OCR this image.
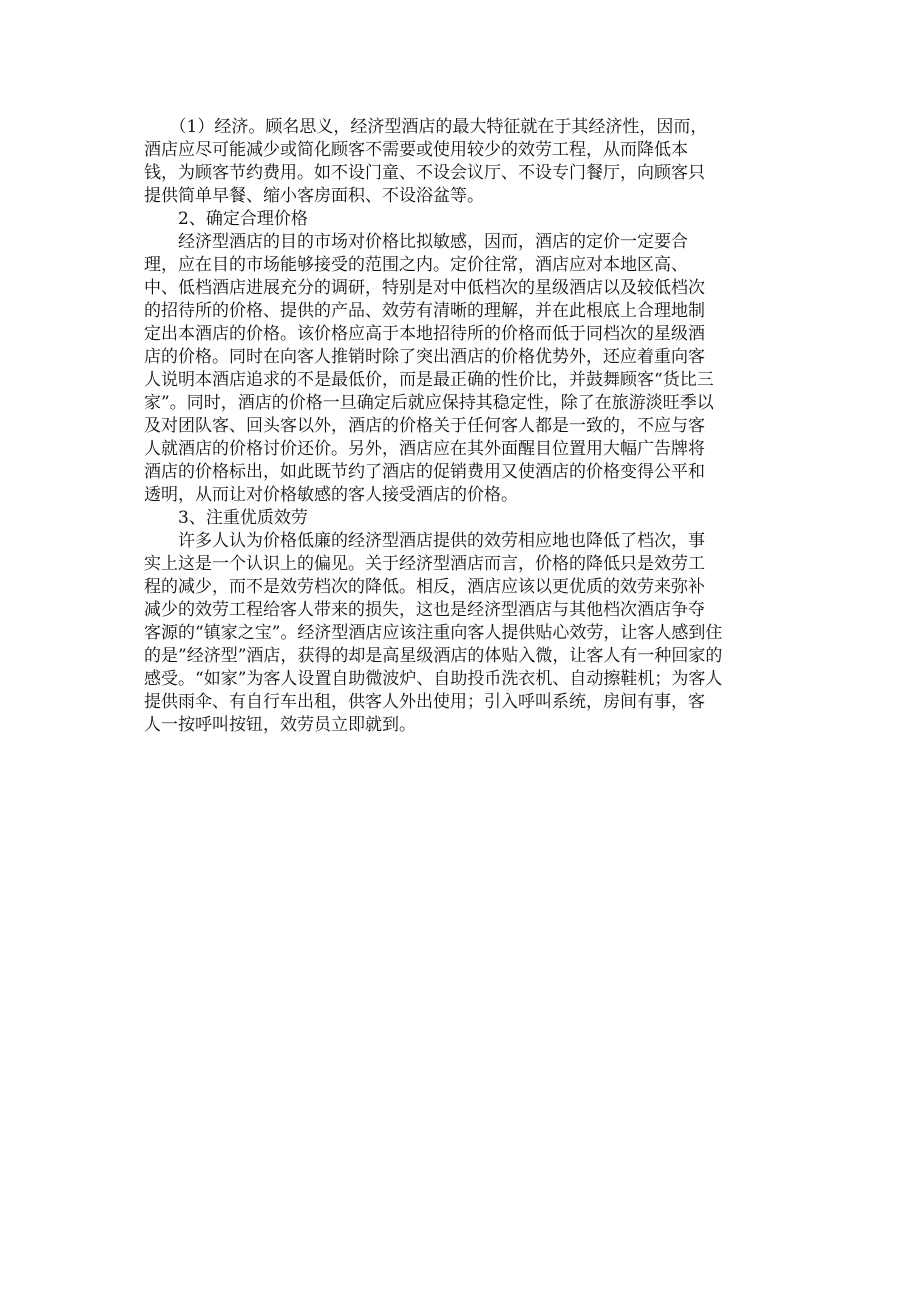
　　（1）经济。顾名思义，经济型酒店的最大特征就在于其经济性，因而，
酒店应尽可能减少或简化顾客不需要或使用较少的效劳工程，从而降低本
钱，为顾客节约费用。如不设门童、不设会议厅、不设专门餐厅，向顾客只
提供简单早餐、缩小客房面积、不设浴盆等。
　　2、确定合理价格
　　经济型酒店的目的市场对价格比拟敏感，因而，酒店的定价一定要合
理，应在目的市场能够接受的范围之内。定价往常，酒店应对本地区高、
中、低档酒店进展充分的调研，特别是对中低档次的星级酒店以及较低档次
的招待所的价格、提供的产品、效劳有清晰的理解，并在此根底上合理地制
定出本酒店的价格。该价格应高于本地招待所的价格而低于同档次的星级酒
店的价格。同时在向客人推销时除了突出酒店的价格优势外，还应着重向客
人说明本酒店追求的不是最低价，而是最正确的性价比，并鼓舞顾客“货比三
家”。同时，酒店的价格一旦确定后就应保持其稳定性，除了在旅游淡旺季以
及对团队客、回头客以外，酒店的价格关于任何客人都是一致的，不应与客
人就酒店的价格讨价还价。另外，酒店应在其外面醒目位置用大幅广告牌将
酒店的价格标出，如此既节约了酒店的促销费用又使酒店的价格变得公平和
透明，从而让对价格敏感的客人接受酒店的价格。
　　3、注重优质效劳
　　许多人认为价格低廉的经济型酒店提供的效劳相应地也降低了档次，事
实上这是一个认识上的偏见。关于经济型酒店而言，价格的降低只是效劳工
程的减少，而不是效劳档次的降低。相反，酒店应该以更优质的效劳来弥补
减少的效劳工程给客人带来的损失，这也是经济型酒店与其他档次酒店争夺
客源的“镇家之宝”。经济型酒店应该注重向客人提供贴心效劳，让客人感到住
的是”经济型”酒店，获得的却是高星级酒店的体贴入微，让客人有一种回家的
感受。“如家”为客人设置自助微波炉、自助投币洗衣机、自动擦鞋机；为客人
提供雨伞、有自行车出租，供客人外出使用；引入呼叫系统，房间有事，客
人一按呼叫按钮，效劳员立即就到。
